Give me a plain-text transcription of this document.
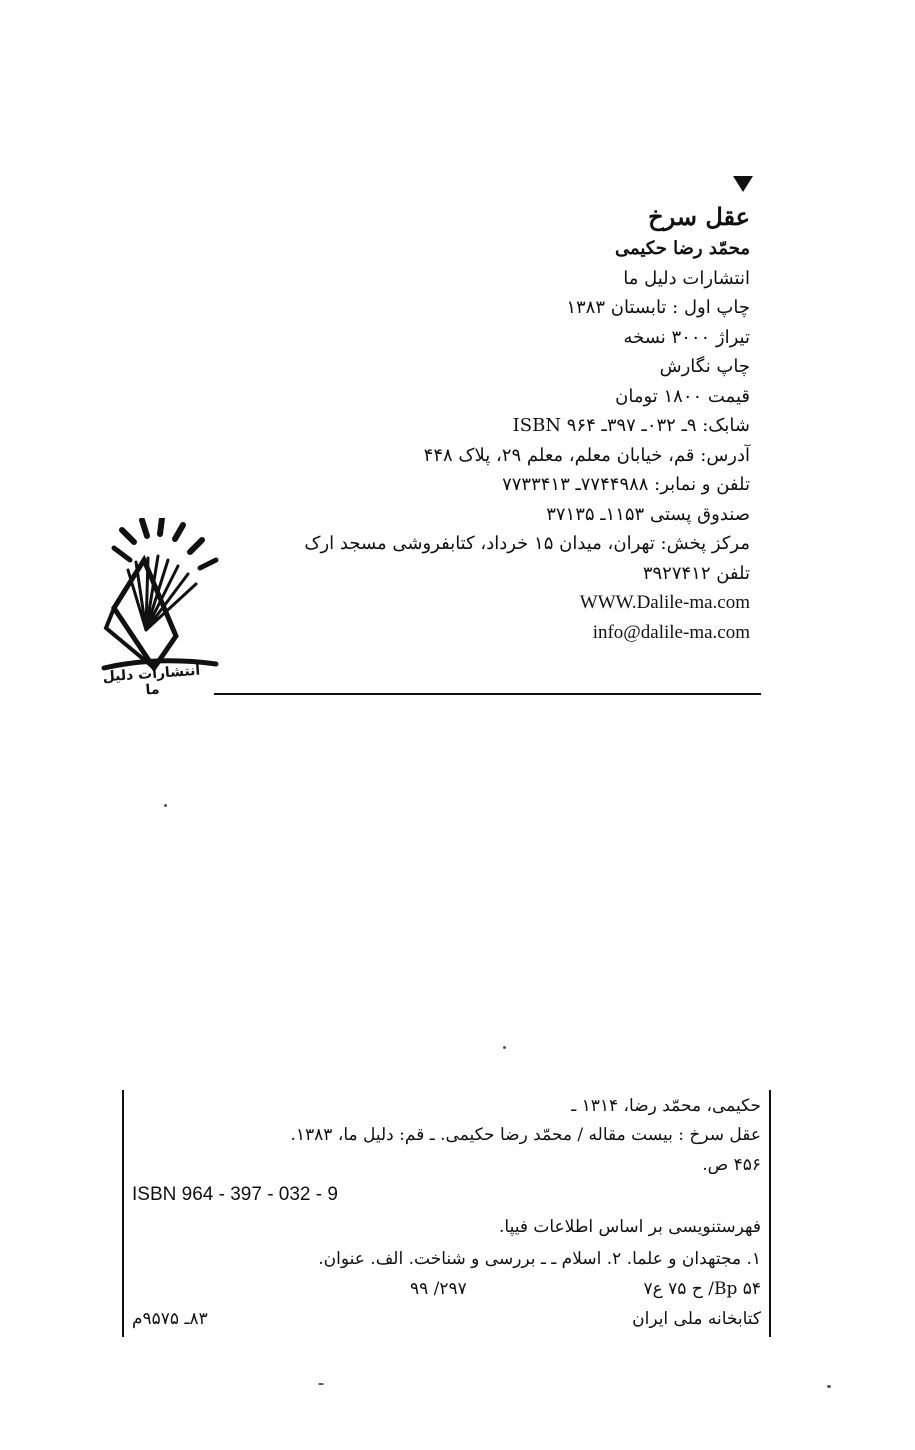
عقل سرخ
محمّد رضا حکیمی
انتشارات دلیل ما
چاپ اول : تابستان ۱۳۸۳
تیراژ ۳۰۰۰ نسخه
چاپ نگارش
قیمت ۱۸۰۰ تومان
شابک: ۹ـ ۰۳۲ـ ۳۹۷ـ ۹۶۴ ISBN
آدرس: قم، خیابان معلم، معلم ۲۹، پلاک ۴۴۸
تلفن و نمابر: ۷۷۴۴۹۸۸ـ ۷۷۳۳۴۱۳
صندوق پستی ۱۱۵۳ـ ۳۷۱۳۵
مرکز پخش: تهران، میدان ۱۵ خرداد، کتابفروشی مسجد ارک
تلفن ۳۹۲۷۴۱۲
WWW.Dalile-ma.com
info@dalile-ma.com
انتشارات دلیل ما
حکیمی، محمّد رضا، ۱۳۱۴ ـ
عقل سرخ : بیست مقاله / محمّد رضا حکیمی. ـ قم: دلیل ما، ۱۳۸۳.
۴۵۶ ص.
ISBN 964 - 397 - 032 - 9
فهرستنویسی بر اساس اطلاعات فیپا.
۱. مجتهدان و علما. ۲. اسلام ـ ـ بررسی و شناخت. الف. عنوان.
Bp ۵۴/ ح ۷۵ ع۷
۲۹۷/ ۹۹
کتابخانه ملی ایران
۸۳ـ ۹۵۷۵م
